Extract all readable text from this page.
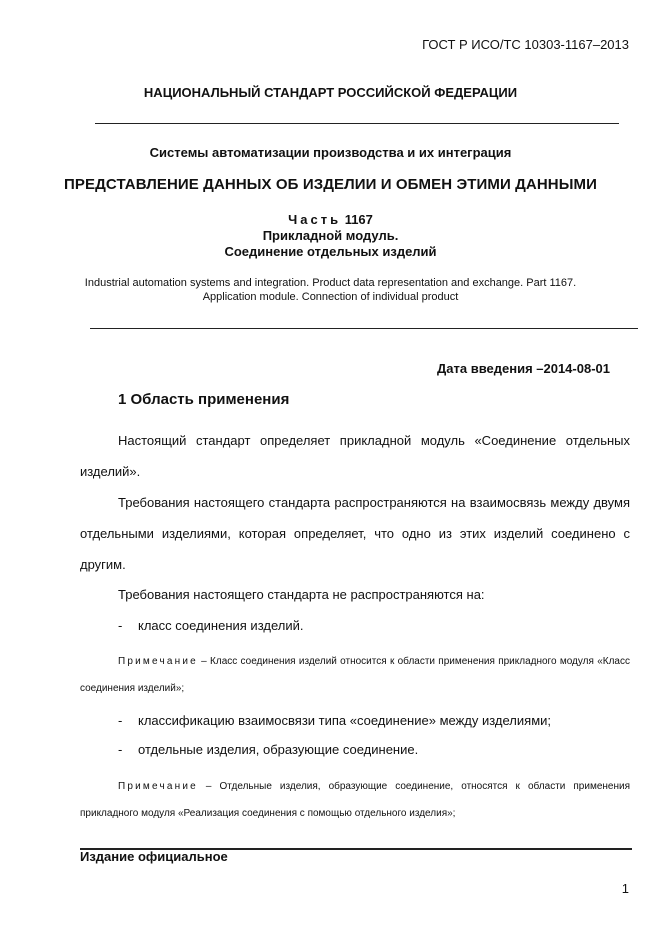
ГОСТ Р ИСО/ТС 10303-1167–2013
НАЦИОНАЛЬНЫЙ СТАНДАРТ РОССИЙСКОЙ ФЕДЕРАЦИИ
Системы автоматизации производства и их интеграция
ПРЕДСТАВЛЕНИЕ ДАННЫХ ОБ ИЗДЕЛИИ И ОБМЕН ЭТИМИ ДАННЫМИ
Часть 1167
Прикладной модуль.
Соединение отдельных изделий
Industrial automation systems and integration. Product data representation and exchange. Part 1167.
Application module. Connection of individual product
Дата введения –2014-08-01
1 Область применения
Настоящий стандарт определяет прикладной модуль «Соединение отдельных изделий».
Требования настоящего стандарта распространяются на взаимосвязь между двумя отдельными изделиями, которая определяет, что одно из этих изделий соединено с другим.
Требования настоящего стандарта не распространяются на:
- класс соединения изделий.
Примечание – Класс соединения изделий относится к области применения прикладного модуля «Класс соединения изделий»;
- классификацию взаимосвязи типа «соединение» между изделиями;
- отдельные изделия, образующие соединение.
Примечание – Отдельные изделия, образующие соединение, относятся к области применения прикладного модуля «Реализация соединения с помощью отдельного изделия»;
Издание официальное
1
